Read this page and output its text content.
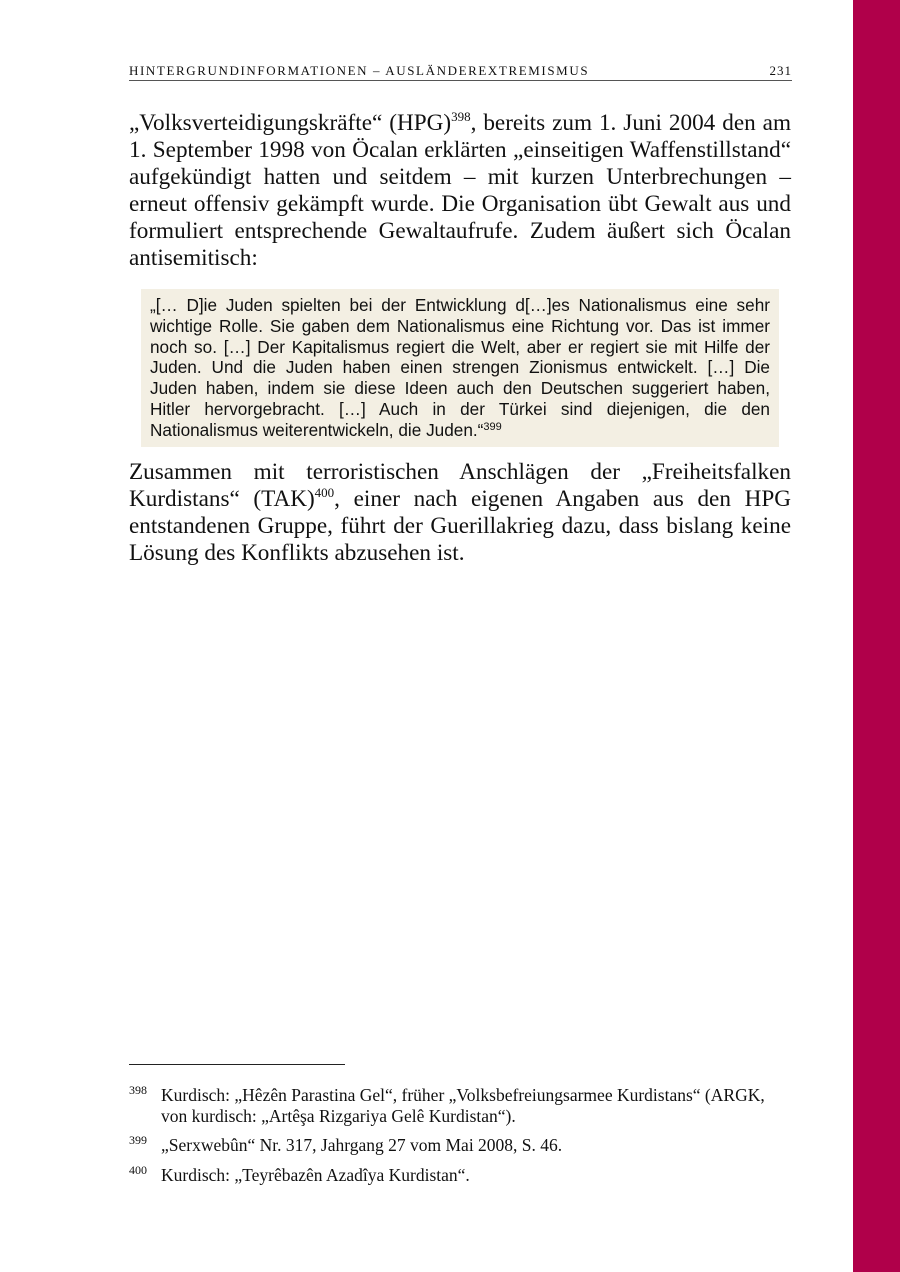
HINTERGRUNDINFORMATIONEN – AUSLÄNDEREXTREMISMUS	231
„Volksverteidigungskräfte“ (HPG)$^{398}$, bereits zum 1. Juni 2004 den am 1. September 1998 von Öcalan erklärten „einseitigen Waffenstillstand“ aufgekündigt hatten und seitdem – mit kurzen Unterbrechungen – erneut offensiv gekämpft wurde. Die Organisation übt Gewalt aus und formuliert entsprechende Gewaltaufrufe. Zudem äußert sich Öcalan antisemitisch:
„[… D]ie Juden spielten bei der Entwicklung d[…]es Nationalismus eine sehr wichtige Rolle. Sie gaben dem Nationalismus eine Richtung vor. Das ist immer noch so. […] Der Kapitalismus regiert die Welt, aber er regiert sie mit Hilfe der Juden. Und die Juden haben einen strengen Zionismus entwickelt. […] Die Juden haben, indem sie diese Ideen auch den Deutschen suggeriert haben, Hitler hervorgebracht. […] Auch in der Türkei sind diejenigen, die den Nationalismus weiterentwickeln, die Juden.“$^{399}$
Zusammen mit terroristischen Anschlägen der „Freiheitsfalken Kurdistans“ (TAK)$^{400}$, einer nach eigenen Angaben aus den HPG entstandenen Gruppe, führt der Guerillakrieg dazu, dass bislang keine Lösung des Konflikts abzusehen ist.
398 Kurdisch: „Hêzên Parastina Gel“, früher „Volksbefreiungsarmee Kurdistans“ (ARGK, von kurdisch: „Artêşa Rizgariya Gelê Kurdistan“).
399 „Serxwebûn“ Nr. 317, Jahrgang 27 vom Mai 2008, S. 46.
400 Kurdisch: „Teyrêbazên Azadîya Kurdistan“.
